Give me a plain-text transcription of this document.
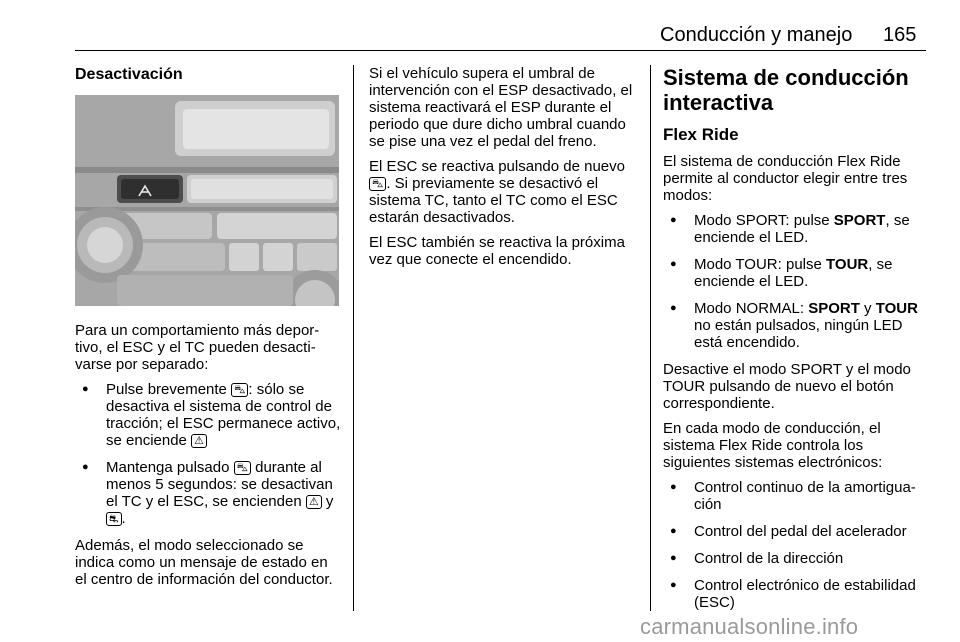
Conducción y manejo 165
Desactivación

Para un comportamiento más deportivo, el ESC y el TC pueden desactivarse por separado:

● Pulse brevemente ⛍ : sólo se desactiva el sistema de control de tracción; el ESC permanece activo, se enciende ⚠
● Mantenga pulsado ⛍ durante al menos 5 segundos: se desactivan el TC y el ESC, se encienden ⚠ y ⛐ .

Además, el modo seleccionado se indica como un mensaje de estado en el centro de información del conductor.

Si el vehículo supera el umbral de intervención con el ESP desactivado, el sistema reactivará el ESP durante el periodo que dure dicho umbral cuando se pise una vez el pedal del freno.

El ESC se reactiva pulsando de nuevo ⛍ . Si previamente se desactivó el sistema TC, tanto el TC como el ESC estarán desactivados.

El ESC también se reactiva la próxima vez que conecte el encendido.

Sistema de conducción interactiva
Flex Ride

El sistema de conducción Flex Ride permite al conductor elegir entre tres modos:

● Modo SPORT: pulse SPORT, se enciende el LED.
● Modo TOUR: pulse TOUR, se enciende el LED.
● Modo NORMAL: SPORT y TOUR no están pulsados, ningún LED está encendido.

Desactive el modo SPORT y el modo TOUR pulsando de nuevo el botón correspondiente.

En cada modo de conducción, el sistema Flex Ride controla los siguientes sistemas electrónicos:

● Control continuo de la amortiguación
● Control del pedal del acelerador
● Control de la dirección
● Control electrónico de estabilidad (ESC)
carmanualsonline.info
